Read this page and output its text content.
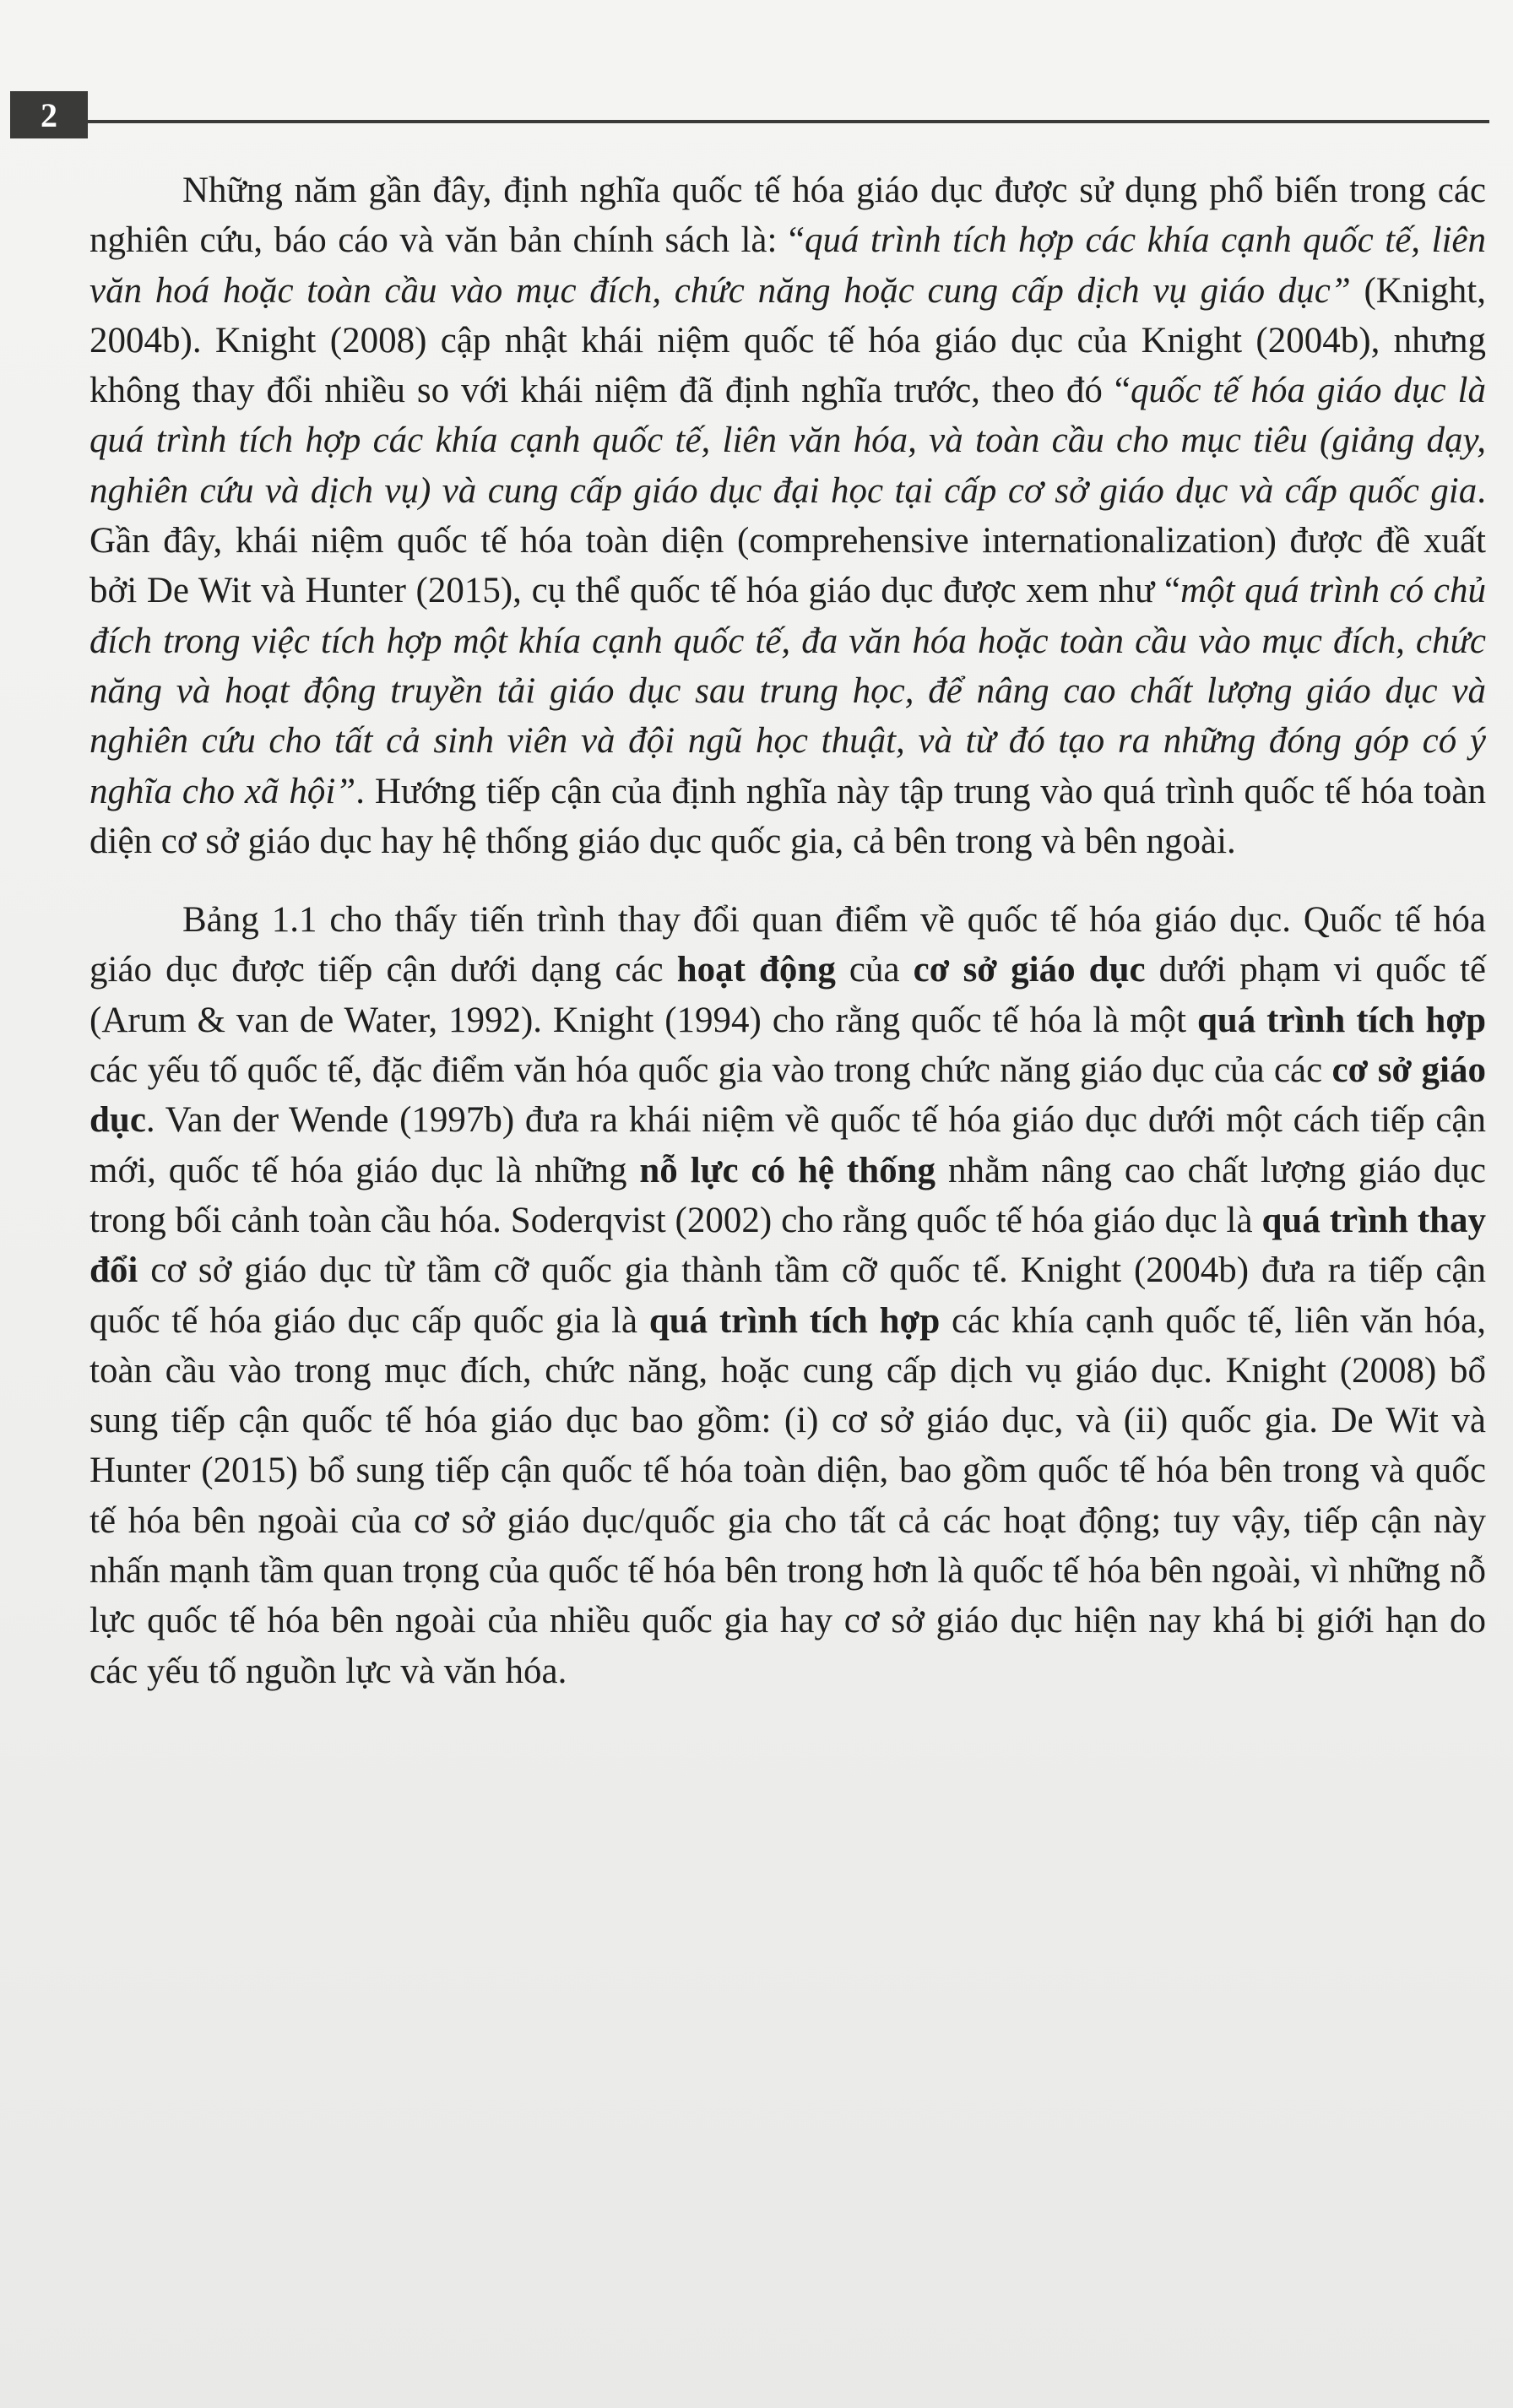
2

Những năm gần đây, định nghĩa quốc tế hóa giáo dục được sử dụng phổ biến trong các nghiên cứu, báo cáo và văn bản chính sách là: “quá trình tích hợp các khía cạnh quốc tế, liên văn hoá hoặc toàn cầu vào mục đích, chức năng hoặc cung cấp dịch vụ giáo dục” (Knight, 2004b). Knight (2008) cập nhật khái niệm quốc tế hóa giáo dục của Knight (2004b), nhưng không thay đổi nhiều so với khái niệm đã định nghĩa trước, theo đó “quốc tế hóa giáo dục là quá trình tích hợp các khía cạnh quốc tế, liên văn hóa, và toàn cầu cho mục tiêu (giảng dạy, nghiên cứu và dịch vụ) và cung cấp giáo dục đại học tại cấp cơ sở giáo dục và cấp quốc gia. Gần đây, khái niệm quốc tế hóa toàn diện (comprehensive internationalization) được đề xuất bởi De Wit và Hunter (2015), cụ thể quốc tế hóa giáo dục được xem như “một quá trình có chủ đích trong việc tích hợp một khía cạnh quốc tế, đa văn hóa hoặc toàn cầu vào mục đích, chức năng và hoạt động truyền tải giáo dục sau trung học, để nâng cao chất lượng giáo dục và nghiên cứu cho tất cả sinh viên và đội ngũ học thuật, và từ đó tạo ra những đóng góp có ý nghĩa cho xã hội”. Hướng tiếp cận của định nghĩa này tập trung vào quá trình quốc tế hóa toàn diện cơ sở giáo dục hay hệ thống giáo dục quốc gia, cả bên trong và bên ngoài.

Bảng 1.1 cho thấy tiến trình thay đổi quan điểm về quốc tế hóa giáo dục. Quốc tế hóa giáo dục được tiếp cận dưới dạng các hoạt động của cơ sở giáo dục dưới phạm vi quốc tế (Arum & van de Water, 1992). Knight (1994) cho rằng quốc tế hóa là một quá trình tích hợp các yếu tố quốc tế, đặc điểm văn hóa quốc gia vào trong chức năng giáo dục của các cơ sở giáo dục. Van der Wende (1997b) đưa ra khái niệm về quốc tế hóa giáo dục dưới một cách tiếp cận mới, quốc tế hóa giáo dục là những nỗ lực có hệ thống nhằm nâng cao chất lượng giáo dục trong bối cảnh toàn cầu hóa. Soderqvist (2002) cho rằng quốc tế hóa giáo dục là quá trình thay đổi cơ sở giáo dục từ tầm cỡ quốc gia thành tầm cỡ quốc tế. Knight (2004b) đưa ra tiếp cận quốc tế hóa giáo dục cấp quốc gia là quá trình tích hợp các khía cạnh quốc tế, liên văn hóa, toàn cầu vào trong mục đích, chức năng, hoặc cung cấp dịch vụ giáo dục. Knight (2008) bổ sung tiếp cận quốc tế hóa giáo dục bao gồm: (i) cơ sở giáo dục, và (ii) quốc gia. De Wit và Hunter (2015) bổ sung tiếp cận quốc tế hóa toàn diện, bao gồm quốc tế hóa bên trong và quốc tế hóa bên ngoài của cơ sở giáo dục/quốc gia cho tất cả các hoạt động; tuy vậy, tiếp cận này nhấn mạnh tầm quan trọng của quốc tế hóa bên trong hơn là quốc tế hóa bên ngoài, vì những nỗ lực quốc tế hóa bên ngoài của nhiều quốc gia hay cơ sở giáo dục hiện nay khá bị giới hạn do các yếu tố nguồn lực và văn hóa.
